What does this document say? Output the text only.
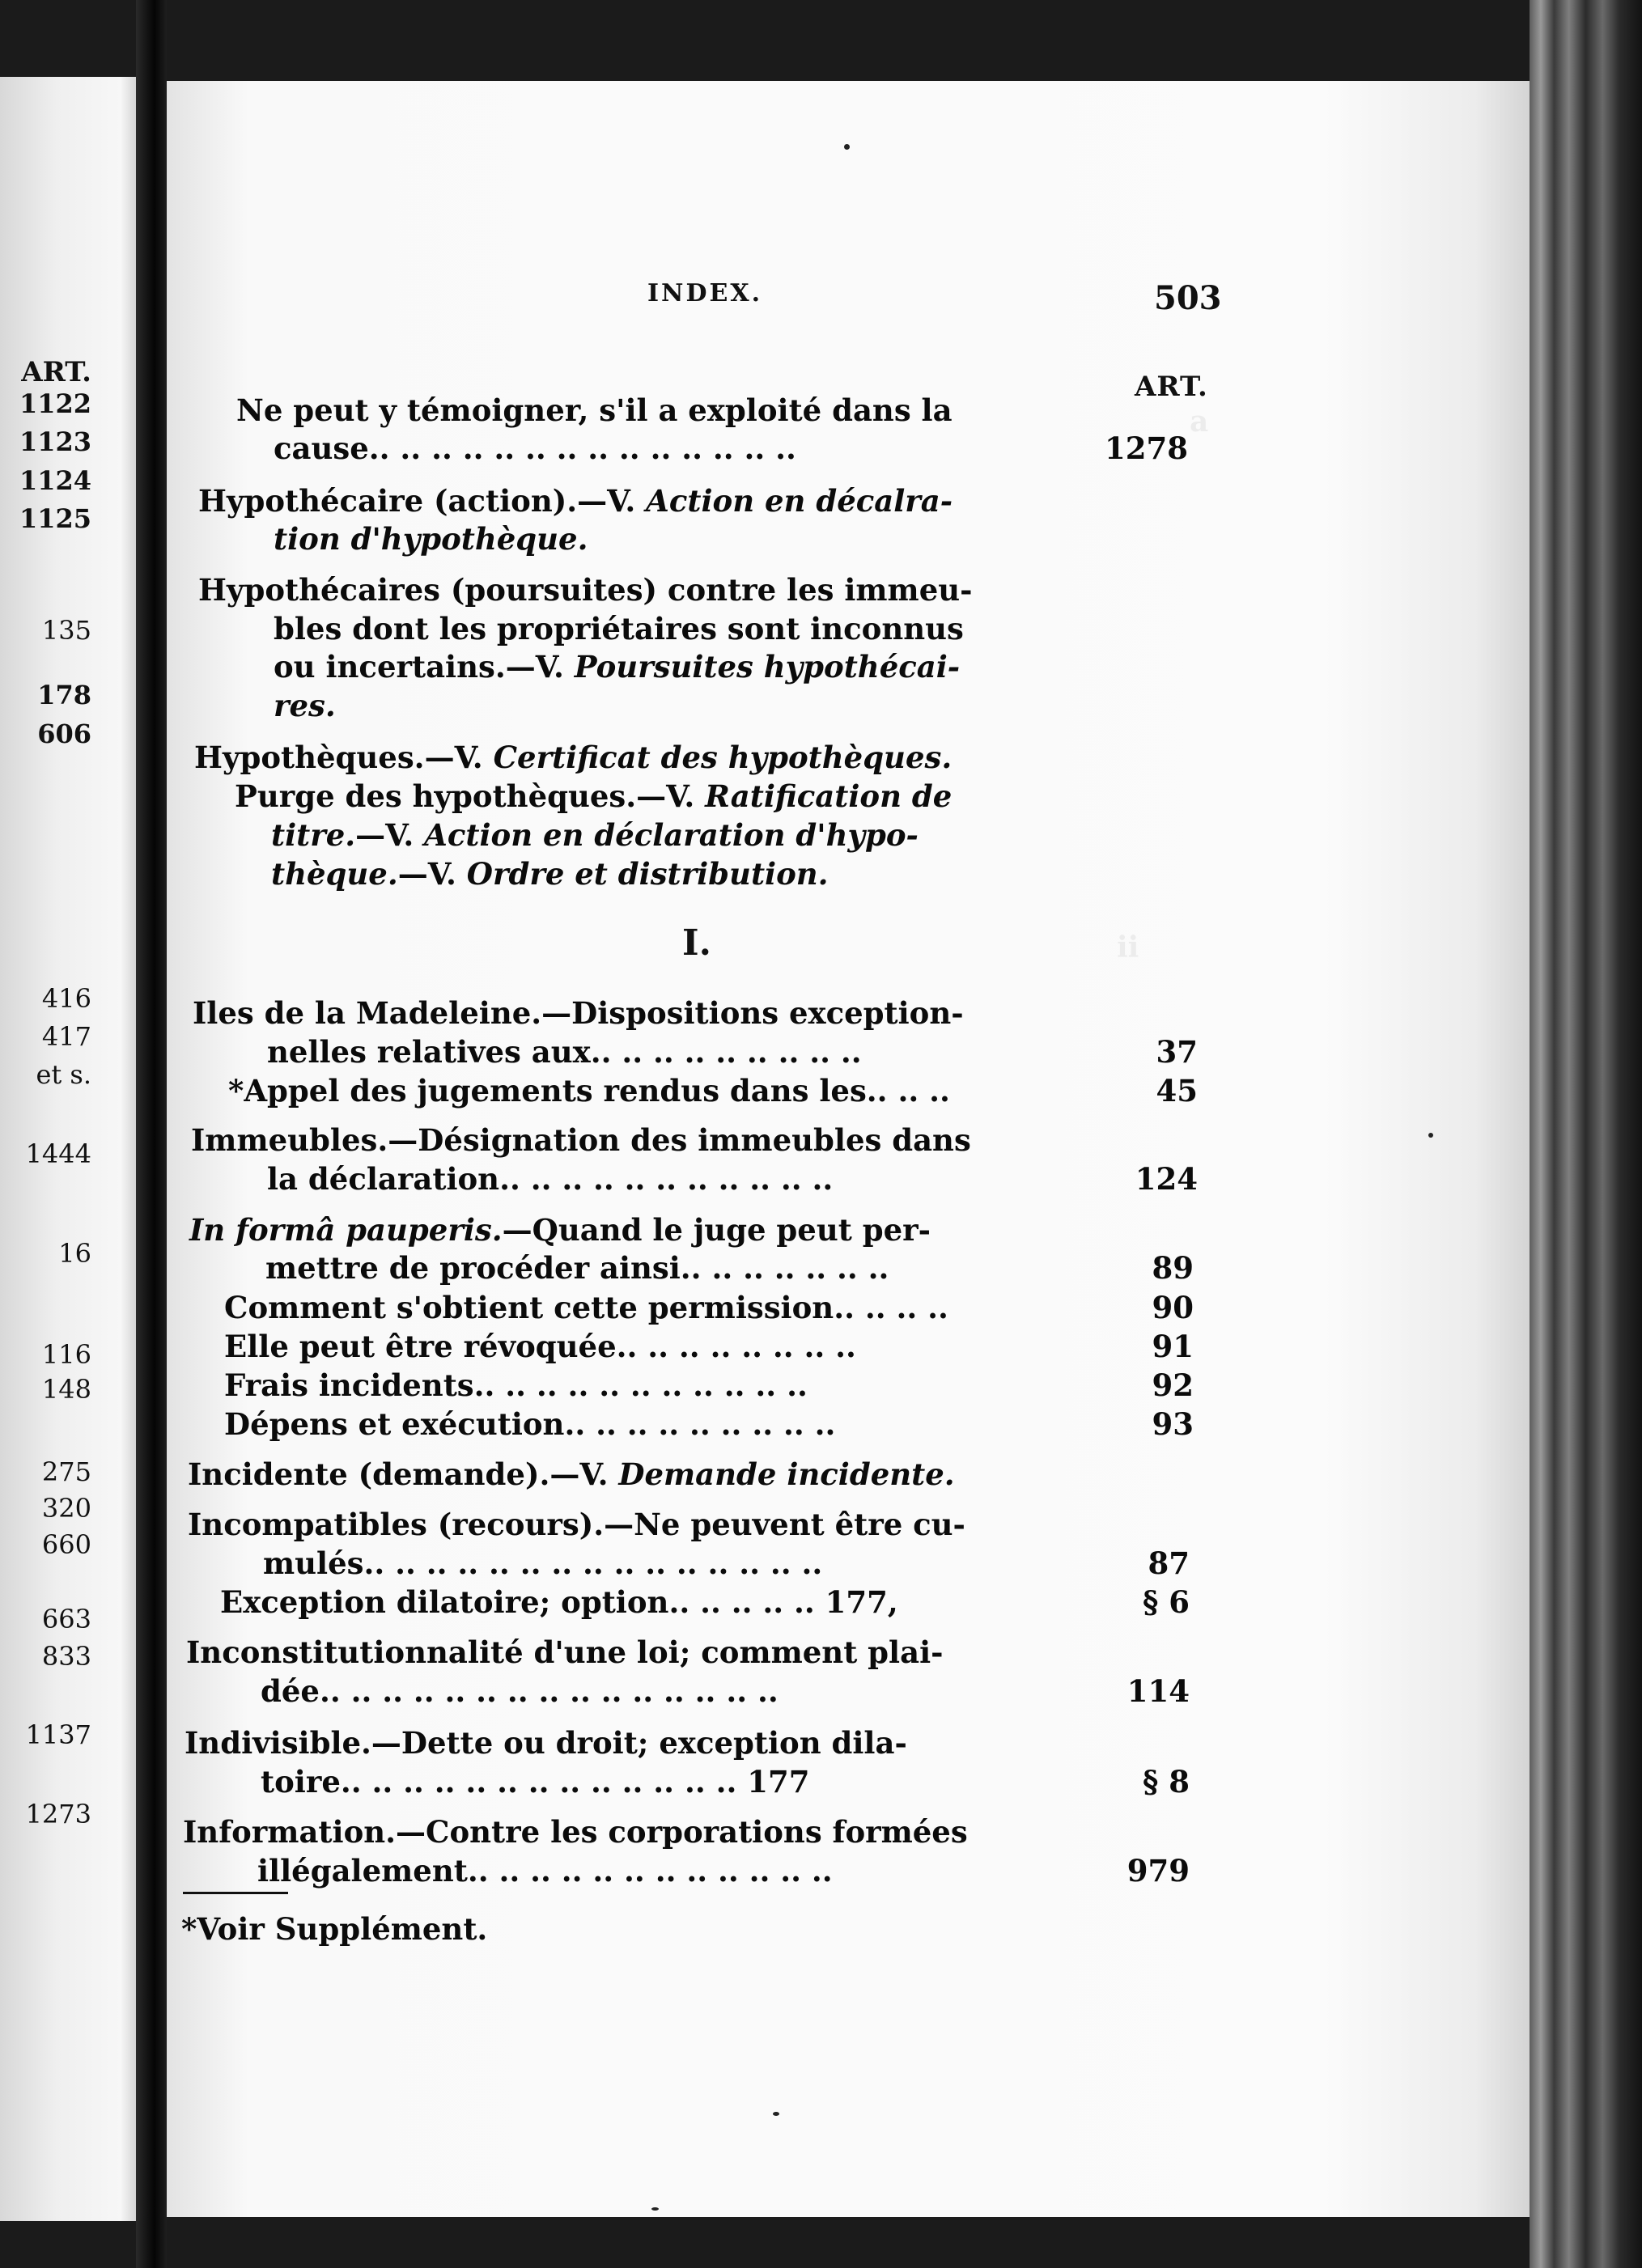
ART.
1122
1123
1124
1125
135
178
606
416
417
et s.
1444
16
116
148
275
320
660
663
833
1137
1273
a
ii
INDEX.	503
ART.
Ne peut y témoigner, s'il a exploité dans la
cause.. .. .. .. .. .. .. .. .. .. .. .. .. ..	1278
Hypothécaire (action).—V. Action en décalra-
tion d'hypothèque.
Hypothécaires (poursuites) contre les immeu-
bles dont les propriétaires sont inconnus
ou incertains.—V. Poursuites hypothécai-
res.
Hypothèques.—V. Certificat des hypothèques.
Purge des hypothèques.—V. Ratification de
titre.—V. Action en déclaration d'hypo-
thèque.—V. Ordre et distribution.
I.
Iles de la Madeleine.—Dispositions exception-
nelles relatives aux.. .. .. .. .. .. .. .. ..	37
*Appel des jugements rendus dans les.. .. ..	45
Immeubles.—Désignation des immeubles dans
la déclaration.. .. .. .. .. .. .. .. .. .. ..	124
In formâ pauperis.—Quand le juge peut per-
mettre de procéder ainsi.. .. .. .. .. .. ..	89
Comment s'obtient cette permission.. .. .. ..	90
Elle peut être révoquée.. .. .. .. .. .. .. ..	91
Frais incidents.. .. .. .. .. .. .. .. .. .. ..	92
Dépens et exécution.. .. .. .. .. .. .. .. ..	93
Incidente (demande).—V. Demande incidente.
Incompatibles (recours).—Ne peuvent être cu-
mulés.. .. .. .. .. .. .. .. .. .. .. .. .. .. ..	87
Exception dilatoire; option.. .. .. .. .. 177,	§ 6
Inconstitutionnalité d'une loi; comment plai-
dée.. .. .. .. .. .. .. .. .. .. .. .. .. .. ..	114
Indivisible.—Dette ou droit; exception dila-
toire.. .. .. .. .. .. .. .. .. .. .. .. .. 177	§ 8
Information.—Contre les corporations formées
illégalement.. .. .. .. .. .. .. .. .. .. .. ..	979
*Voir Supplément.
